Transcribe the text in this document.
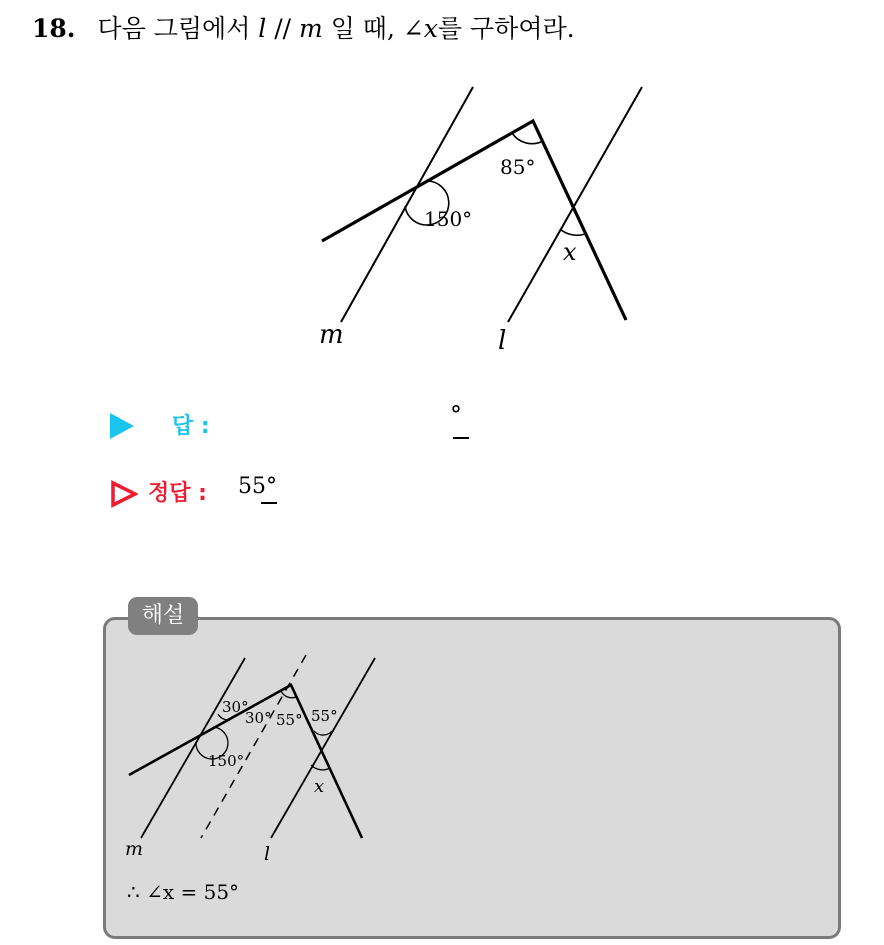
18. 다음 그림에서 l // m 일 때, ∠x를 구하여라.
85°
150°
x
m	l
답 :	°
정답 : 55°
해설
30°
30° 55° 55°
150°
x
m	l
∴ ∠x = 55°
